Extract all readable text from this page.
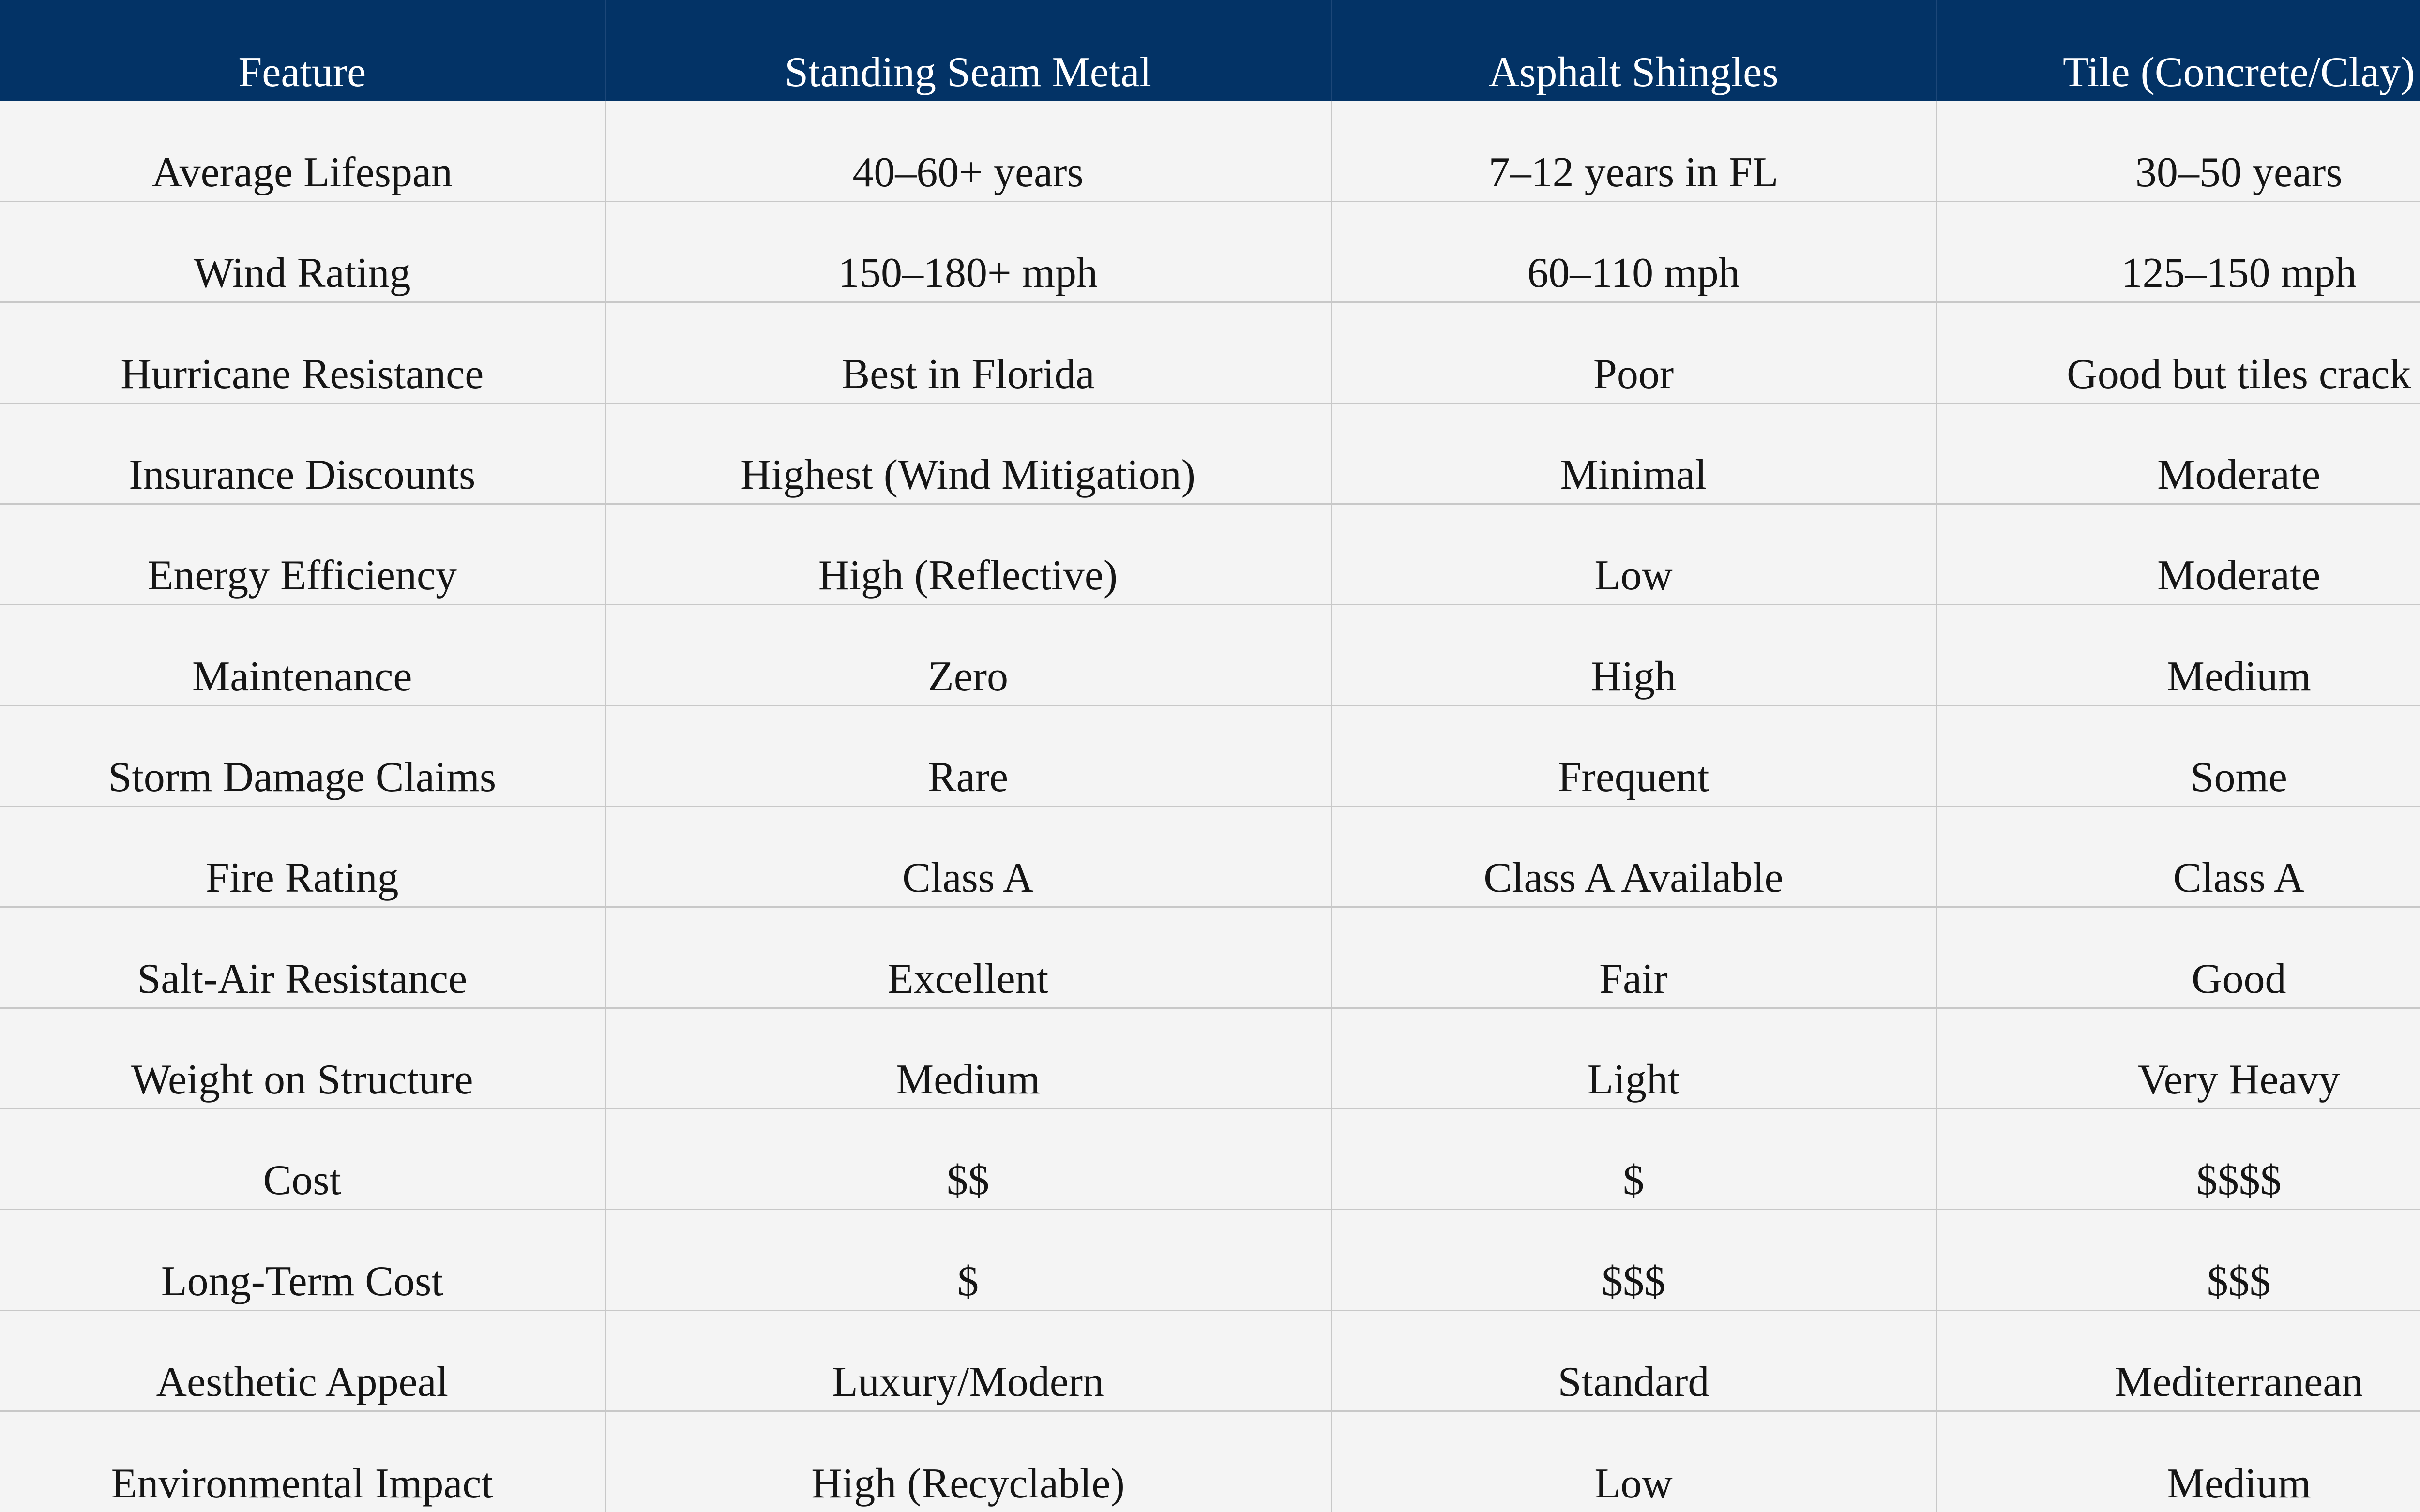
Feature	Standing Seam Metal	Asphalt Shingles	Tile (Concrete/Clay)
Average Lifespan	40–60+ years	7–12 years in FL	30–50 years
Wind Rating	150–180+ mph	60–110 mph	125–150 mph
Hurricane Resistance	Best in Florida	Poor	Good but tiles crack
Insurance Discounts	Highest (Wind Mitigation)	Minimal	Moderate
Energy Efficiency	High (Reflective)	Low	Moderate
Maintenance	Zero	High	Medium
Storm Damage Claims	Rare	Frequent	Some
Fire Rating	Class A	Class A Available	Class A
Salt-Air Resistance	Excellent	Fair	Good
Weight on Structure	Medium	Light	Very Heavy
Cost	$$	$	$$$$
Long-Term Cost	$	$$$	$$$
Aesthetic Appeal	Luxury/Modern	Standard	Mediterranean
Environmental Impact	High (Recyclable)	Low	Medium
